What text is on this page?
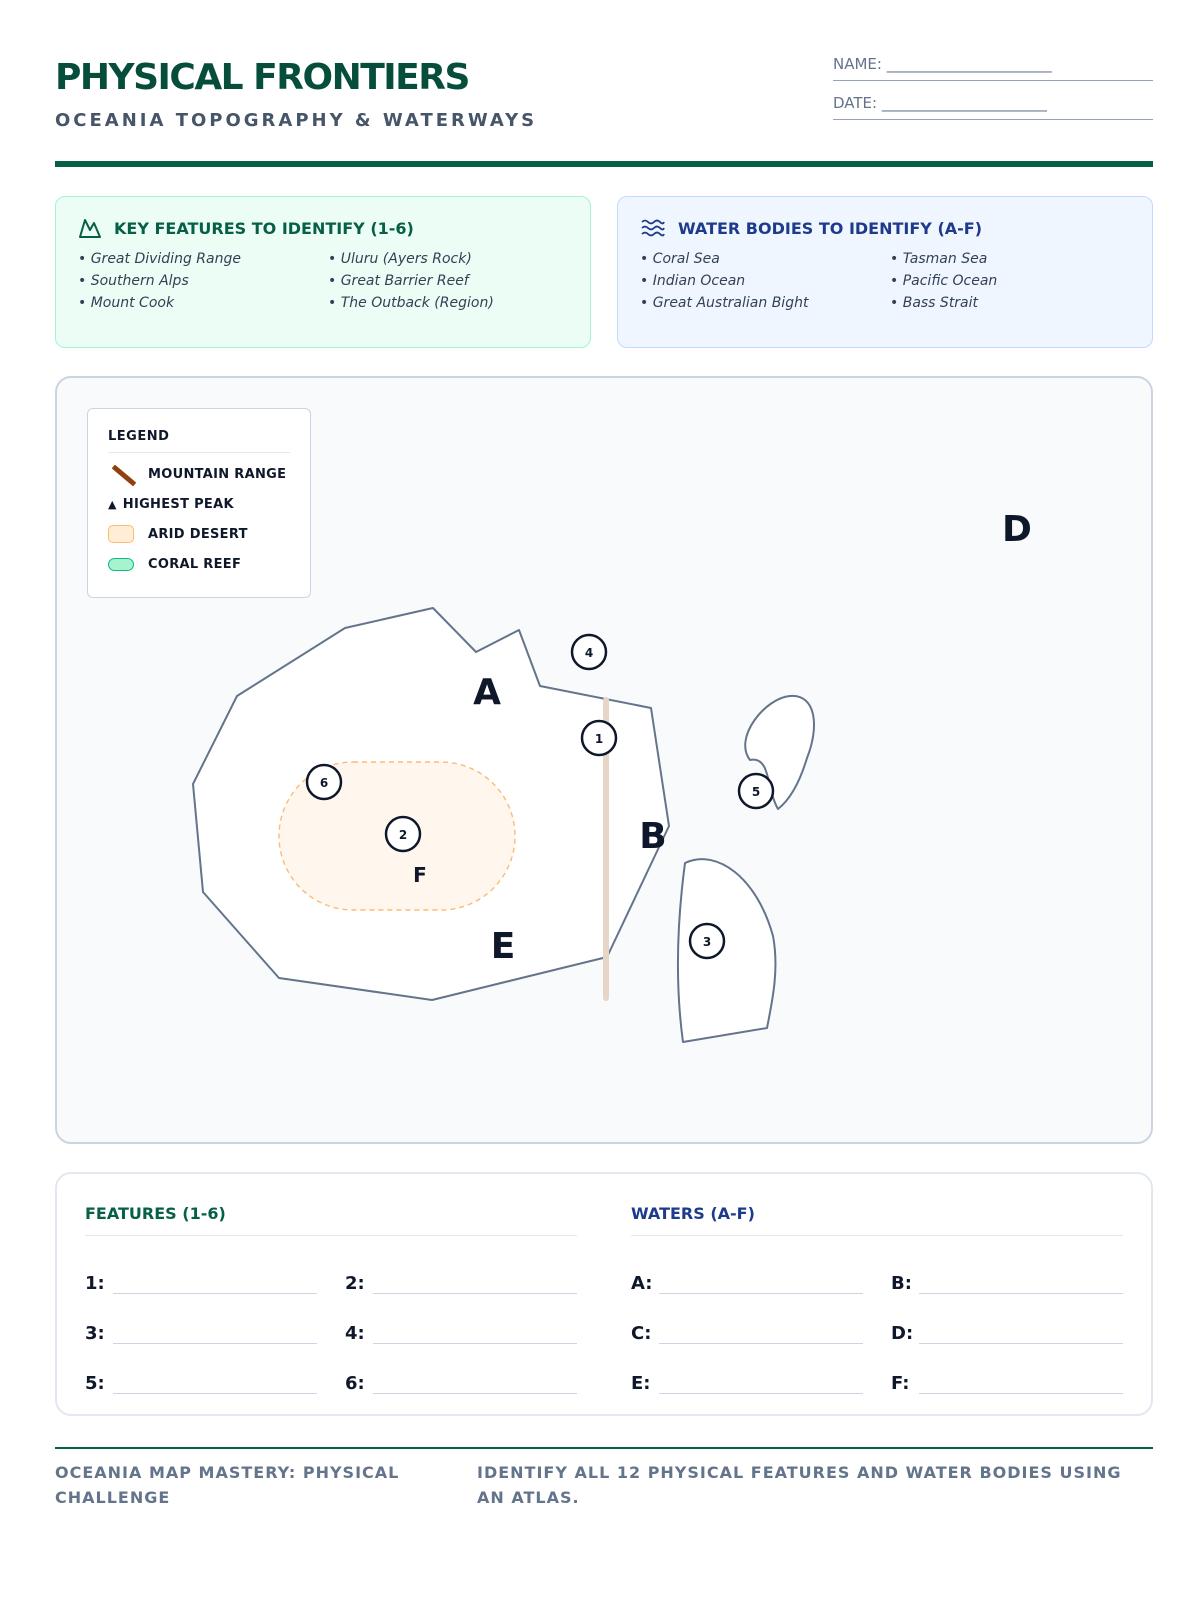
PHYSICAL FRONTIERS
OCEANIA TOPOGRAPHY & WATERWAYS
NAME: ______________________
DATE: ______________________
KEY FEATURES TO IDENTIFY (1-6)
• Great Dividing Range	• Uluru (Ayers Rock)
• Southern Alps	• Great Barrier Reef
• Mount Cook	• The Outback (Region)
WATER BODIES TO IDENTIFY (A-F)
• Coral Sea	• Tasman Sea
• Indian Ocean	• Pacific Ocean
• Great Australian Bight	• Bass Strait
1
2
3
4
5
6
A
B
D
E
F
LEGEND
MOUNTAIN RANGE
▲ HIGHEST PEAK
ARID DESERT
CORAL REEF
FEATURES (1-6)
1:	2:
3:	4:
5:	6:
WATERS (A-F)
A:	B:
C:	D:
E:	F:
OCEANIA MAP MASTERY: PHYSICAL CHALLENGE
IDENTIFY ALL 12 PHYSICAL FEATURES AND WATER BODIES USING AN ATLAS.
